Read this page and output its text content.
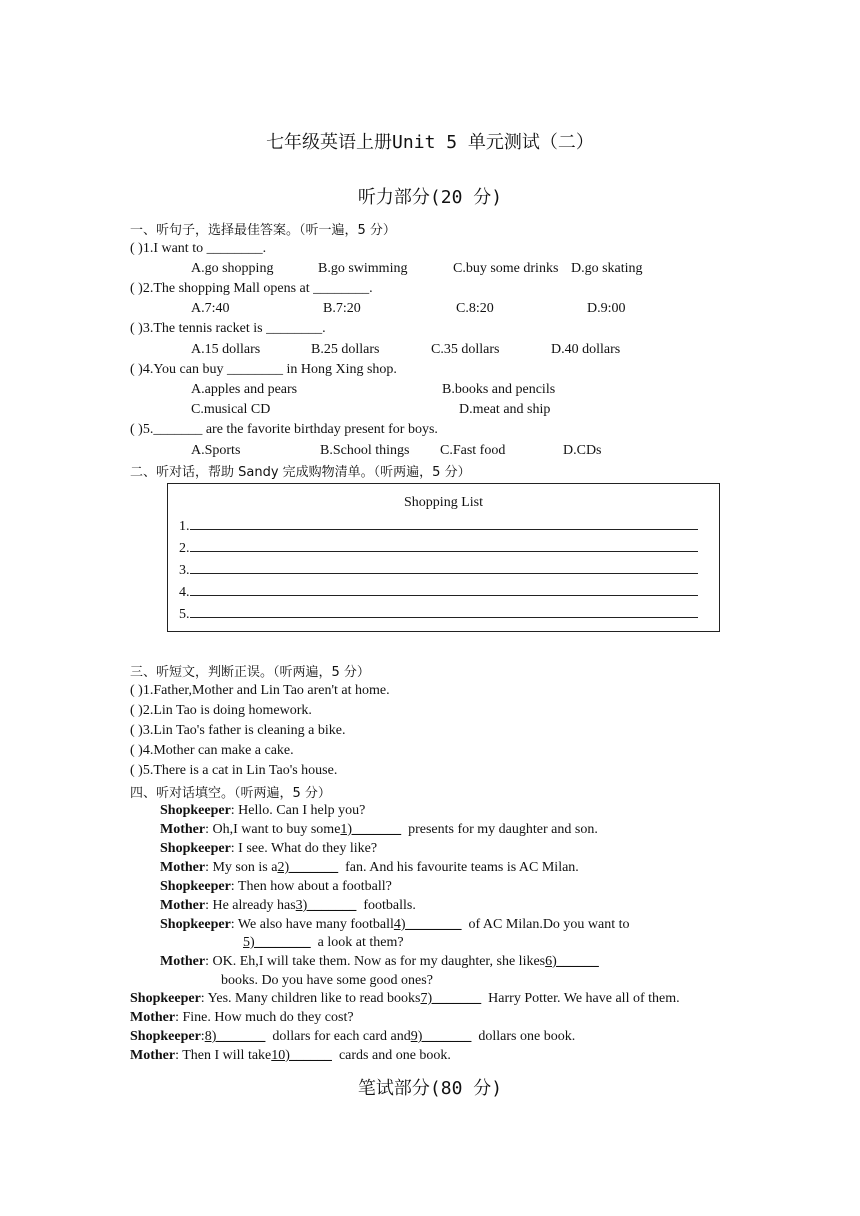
七年级英语上册Unit 5 单元测试（二）
听力部分(20 分)
一、听句子，选择最佳答案。（听一遍，5 分）
( )1.I want to ________.
A.go shopping	B.go swimming	C.buy some drinks D.go skating
( )2.The shopping Mall opens at ________.
A.7:40	B.7:20	C.8:20	D.9:00
( )3.The tennis racket is ________.
A.15 dollars	B.25 dollars	C.35 dollars	D.40 dollars
( )4.You can buy ________ in Hong Xing shop.
A.apples and pears	B.books and pencils
C.musical CD	D.meat and ship
( )5._______ are the favorite birthday present for boys.
A.Sports	B.School things C.Fast food	D.CDs
二、听对话，帮助 Sandy 完成购物清单。（听两遍，5 分）
Shopping List
1.
2.
3.
4.
5.
三、听短文，判断正误。（听两遍，5 分）
( )1.Father,Mother and Lin Tao aren't at home.
( )2.Lin Tao is doing homework.
( )3.Lin Tao's father is cleaning a bike.
( )4.Mother can make a cake.
( )5.There is a cat in Lin Tao's house.
四、听对话填空。（听两遍，5 分）
Shopkeeper: Hello. Can I help you?
Mother: Oh,I want to buy some1)_______  presents for my daughter and son.
Shopkeeper: I see. What do they like?
Mother: My son is a2)_______  fan. And his favourite teams is AC Milan.
Shopkeeper: Then how about a football?
Mother: He already has3)_______  footballs.
Shopkeeper: We also have many football4)________  of AC Milan.Do you want to
5)________  a look at them?
Mother: OK. Eh,I will take them. Now as for my daughter, she likes6)______
books. Do you have some good ones?
Shopkeeper: Yes. Many children like to read books7)_______  Harry Potter. We have all of them.
Mother: Fine. How much do they cost?
Shopkeeper:8)_______  dollars for each card and9)_______  dollars one book.
Mother: Then I will take10)______  cards and one book.
笔试部分(80 分)
